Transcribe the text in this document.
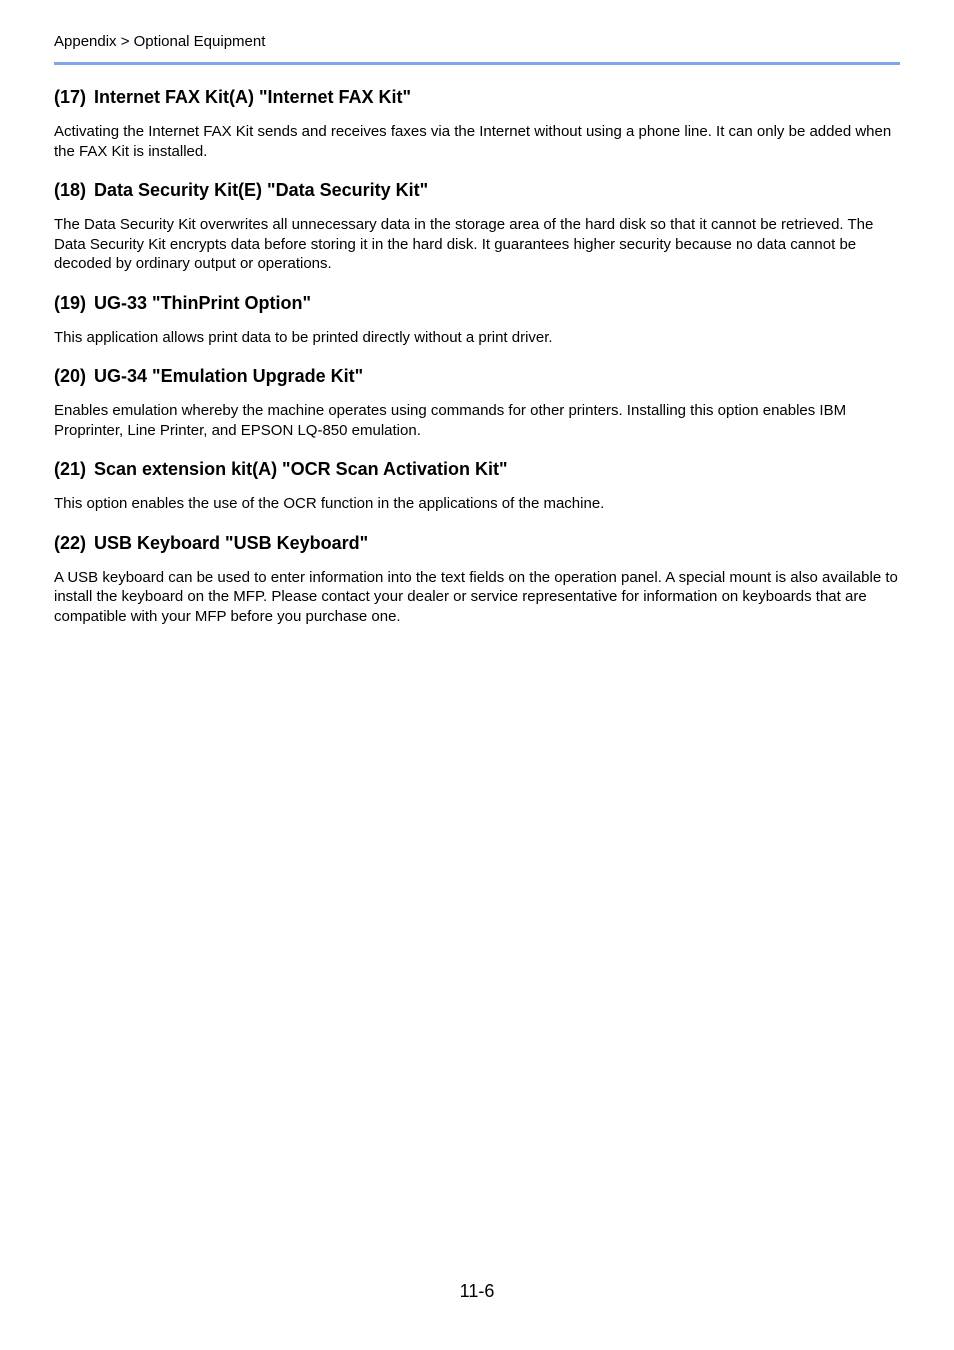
Appendix > Optional Equipment
(17) Internet FAX Kit(A) "Internet FAX Kit"

Activating the Internet FAX Kit sends and receives faxes via the Internet without using a phone line. It can only be added when the FAX Kit is installed.

(18) Data Security Kit(E) "Data Security Kit"

The Data Security Kit overwrites all unnecessary data in the storage area of the hard disk so that it cannot be retrieved. The Data Security Kit encrypts data before storing it in the hard disk. It guarantees higher security because no data cannot be decoded by ordinary output or operations.

(19) UG-33 "ThinPrint Option"

This application allows print data to be printed directly without a print driver.

(20) UG-34 "Emulation Upgrade Kit"

Enables emulation whereby the machine operates using commands for other printers. Installing this option enables IBM Proprinter, Line Printer, and EPSON LQ-850 emulation.

(21) Scan extension kit(A) "OCR Scan Activation Kit"

This option enables the use of the OCR function in the applications of the machine.

(22) USB Keyboard "USB Keyboard"

A USB keyboard can be used to enter information into the text fields on the operation panel. A special mount is also available to install the keyboard on the MFP. Please contact your dealer or service representative for information on keyboards that are compatible with your MFP before you purchase one.

11-6
